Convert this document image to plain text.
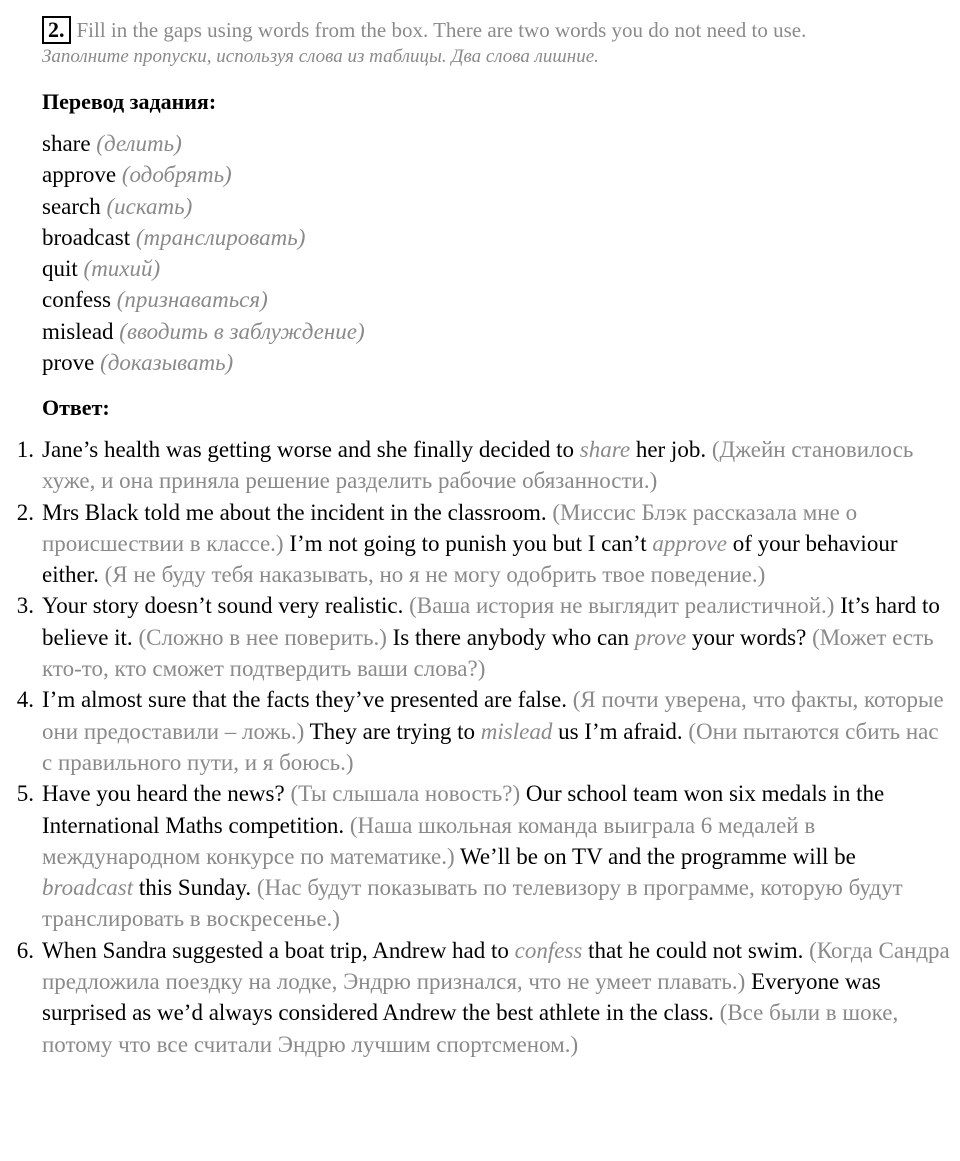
2. Fill in the gaps using words from the box. There are two words you do not need to use.
Заполните пропуски, используя слова из таблицы. Два слова лишние.
Перевод задания:
share (делить)
approve (одобрять)
search (искать)
broadcast (транслировать)
quit (тихий)
confess (признаваться)
mislead (вводить в заблуждение)
prove (доказывать)
Ответ:
1. Jane’s health was getting worse and she finally decided to share her job. (Джейн становилось хуже, и она приняла решение разделить рабочие обязанности.)
2. Mrs Black told me about the incident in the classroom. (Миссис Блэк рассказала мне о происшествии в классе.) I’m not going to punish you but I can’t approve of your behaviour either. (Я не буду тебя наказывать, но я не могу одобрить твое поведение.)
3. Your story doesn’t sound very realistic. (Ваша история не выглядит реалистичной.) It’s hard to believe it. (Сложно в нее поверить.) Is there anybody who can prove your words? (Может есть кто-то, кто сможет подтвердить ваши слова?)
4. I’m almost sure that the facts they’ve presented are false. (Я почти уверена, что факты, которые они предоставили – ложь.) They are trying to mislead us I’m afraid. (Они пытаются сбить нас с правильного пути, и я боюсь.)
5. Have you heard the news? (Ты слышала новость?) Our school team won six medals in the International Maths competition. (Наша школьная команда выиграла 6 медалей в международном конкурсе по математике.) We’ll be on TV and the programme will be broadcast this Sunday. (Нас будут показывать по телевизору в программе, которую будут транслировать в воскресенье.)
6. When Sandra suggested a boat trip, Andrew had to confess that he could not swim. (Когда Сандра предложила поездку на лодке, Эндрю признался, что не умеет плавать.) Everyone was surprised as we’d always considered Andrew the best athlete in the class. (Все были в шоке, потому что все считали Эндрю лучшим спортсменом.)
